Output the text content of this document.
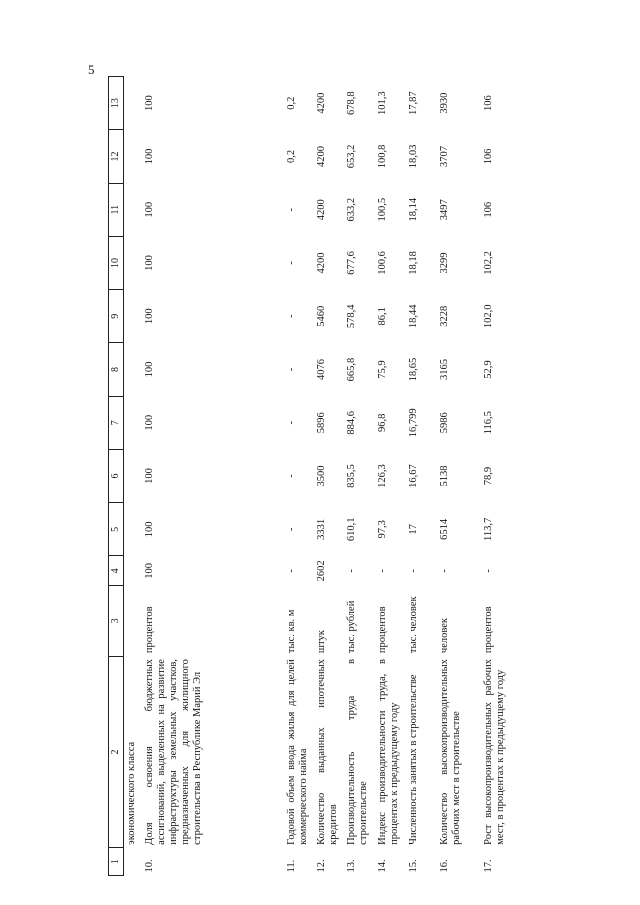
5
1	2	3	4	5	6	7	8	9	10	11	12	13
	экономического класса											
10.	Доля освоения бюджетных ассигнований, выделенных на развитие инфраструктуры земельных участков, предназначенных для жилищного строительства в Республике Марий Эл	процентов	100	100	100	100	100	100	100	100	100	100
11.	Годовой объем ввода жилья для целей коммерческого найма	тыс. кв. м	-	-	-	-	-	-	-	-	0,2	0,2
12.	Количество выданных ипотечных кредитов	штук	2602	3331	3500	5896	4076	5460	4200	4200	4200	4200
13.	Производительность труда в строительстве	тыс. рублей	-	610,1	835,5	884,6	665,8	578,4	677,6	633,2	653,2	678,8
14.	Индекс производительности труда, в процентах к предыдущему году	процентов	-	97,3	126,3	96,8	75,9	86,1	100,6	100,5	100,8	101,3
15.	Численность занятых в строительстве	тыс. человек	-	17	16,67	16,799	18,65	18,44	18,18	18,14	18,03	17,87
16.	Количество высокопроизводительных рабочих мест в строительстве	человек	-	6514	5138	5986	3165	3228	3299	3497	3707	3930
17.	Рост высокопроизводительных рабочих мест, в процентах к предыдущему году	процентов	-	113,7	78,9	116,5	52,9	102,0	102,2	106	106	106
